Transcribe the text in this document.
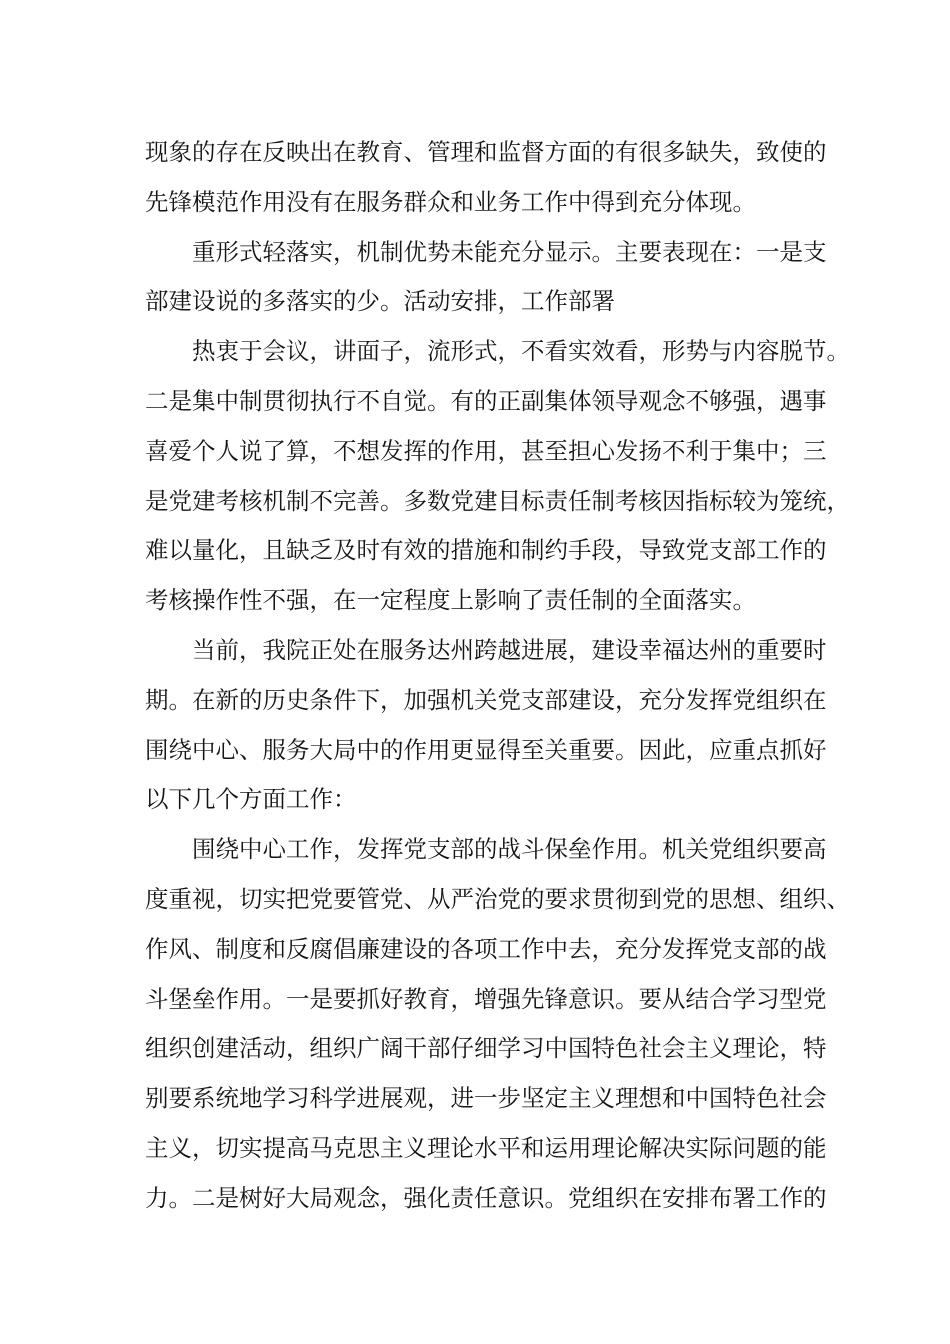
现象的存在反映出在教育、管理和监督方面的有很多缺失，致使的
先锋模范作用没有在服务群众和业务工作中得到充分体现。
重形式轻落实，机制优势未能充分显示。主要表现在：一是支
部建设说的多落实的少。活动安排，工作部署
热衷于会议，讲面子，流形式，不看实效看，形势与内容脱节。
二是集中制贯彻执行不自觉。有的正副集体领导观念不够强，遇事
喜爱个人说了算，不想发挥的作用，甚至担心发扬不利于集中；三
是党建考核机制不完善。多数党建目标责任制考核因指标较为笼统，
难以量化，且缺乏及时有效的措施和制约手段，导致党支部工作的
考核操作性不强，在一定程度上影响了责任制的全面落实。
当前，我院正处在服务达州跨越进展，建设幸福达州的重要时
期。在新的历史条件下，加强机关党支部建设，充分发挥党组织在
围绕中心、服务大局中的作用更显得至关重要。因此，应重点抓好
以下几个方面工作：
围绕中心工作，发挥党支部的战斗保垒作用。机关党组织要高
度重视，切实把党要管党、从严治党的要求贯彻到党的思想、组织、
作风、制度和反腐倡廉建设的各项工作中去，充分发挥党支部的战
斗堡垒作用。一是要抓好教育，增强先锋意识。要从结合学习型党
组织创建活动，组织广阔干部仔细学习中国特色社会主义理论，特
别要系统地学习科学进展观，进一步坚定主义理想和中国特色社会
主义，切实提高马克思主义理论水平和运用理论解决实际问题的能
力。二是树好大局观念，强化责任意识。党组织在安排布署工作的
